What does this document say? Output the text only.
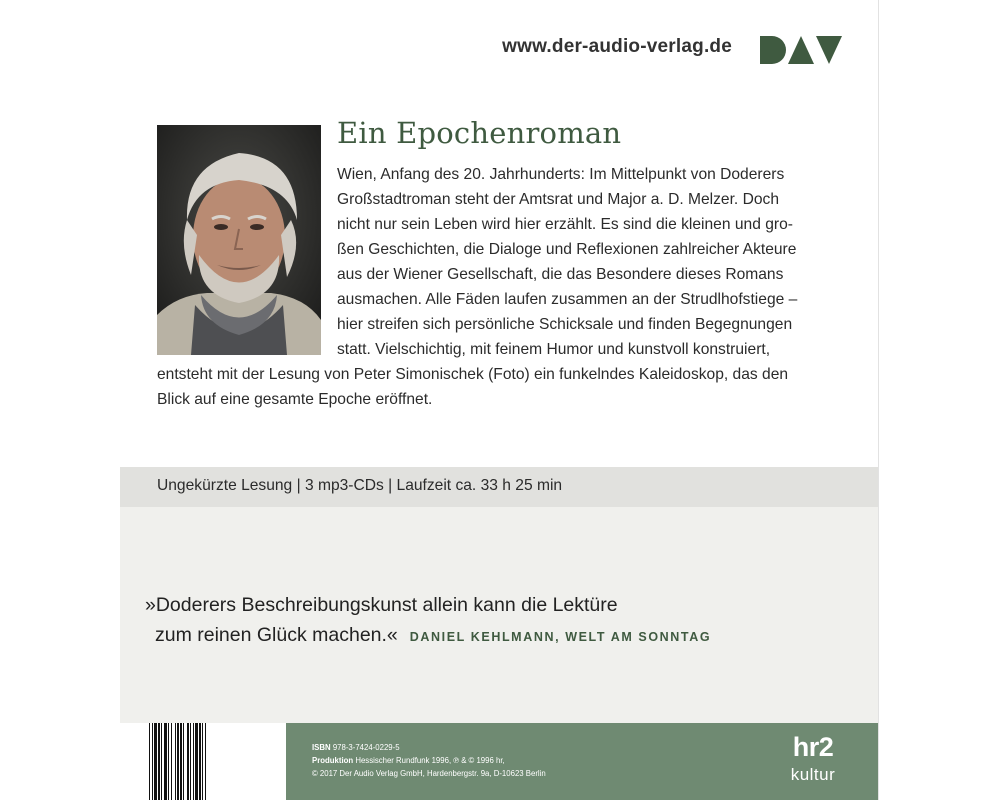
www.der-audio-verlag.de
Ein Epochenroman
Wien, Anfang des 20. Jahrhunderts: Im Mittelpunkt von Doderers
Großstadtroman steht der Amtsrat und Major a. D. Melzer. Doch
nicht nur sein Leben wird hier erzählt. Es sind die kleinen und gro-
ßen Geschichten, die Dialoge und Reflexionen zahlreicher Akteure
aus der Wiener Gesellschaft, die das Besondere dieses Romans
ausmachen. Alle Fäden laufen zusammen an der Strudlhofstiege –
hier streifen sich persönliche Schicksale und finden Begegnungen
statt. Vielschichtig, mit feinem Humor und kunstvoll konstruiert,
entsteht mit der Lesung von Peter Simonischek (Foto) ein funkelndes Kaleidoskop, das den
Blick auf eine gesamte Epoche eröffnet.
Ungekürzte Lesung | 3 mp3-CDs | Laufzeit ca. 33 h 25 min
»Doderers Beschreibungskunst allein kann die Lektüre
zum reinen Glück machen.« DANIEL KEHLMANN, WELT AM SONNTAG
ISBN 978-3-7424-0229-5
Produktion Hessischer Rundfunk 1996, ℗ & © 1996 hr,
© 2017 Der Audio Verlag GmbH, Hardenbergstr. 9a, D-10623 Berlin
hr2
kultur
